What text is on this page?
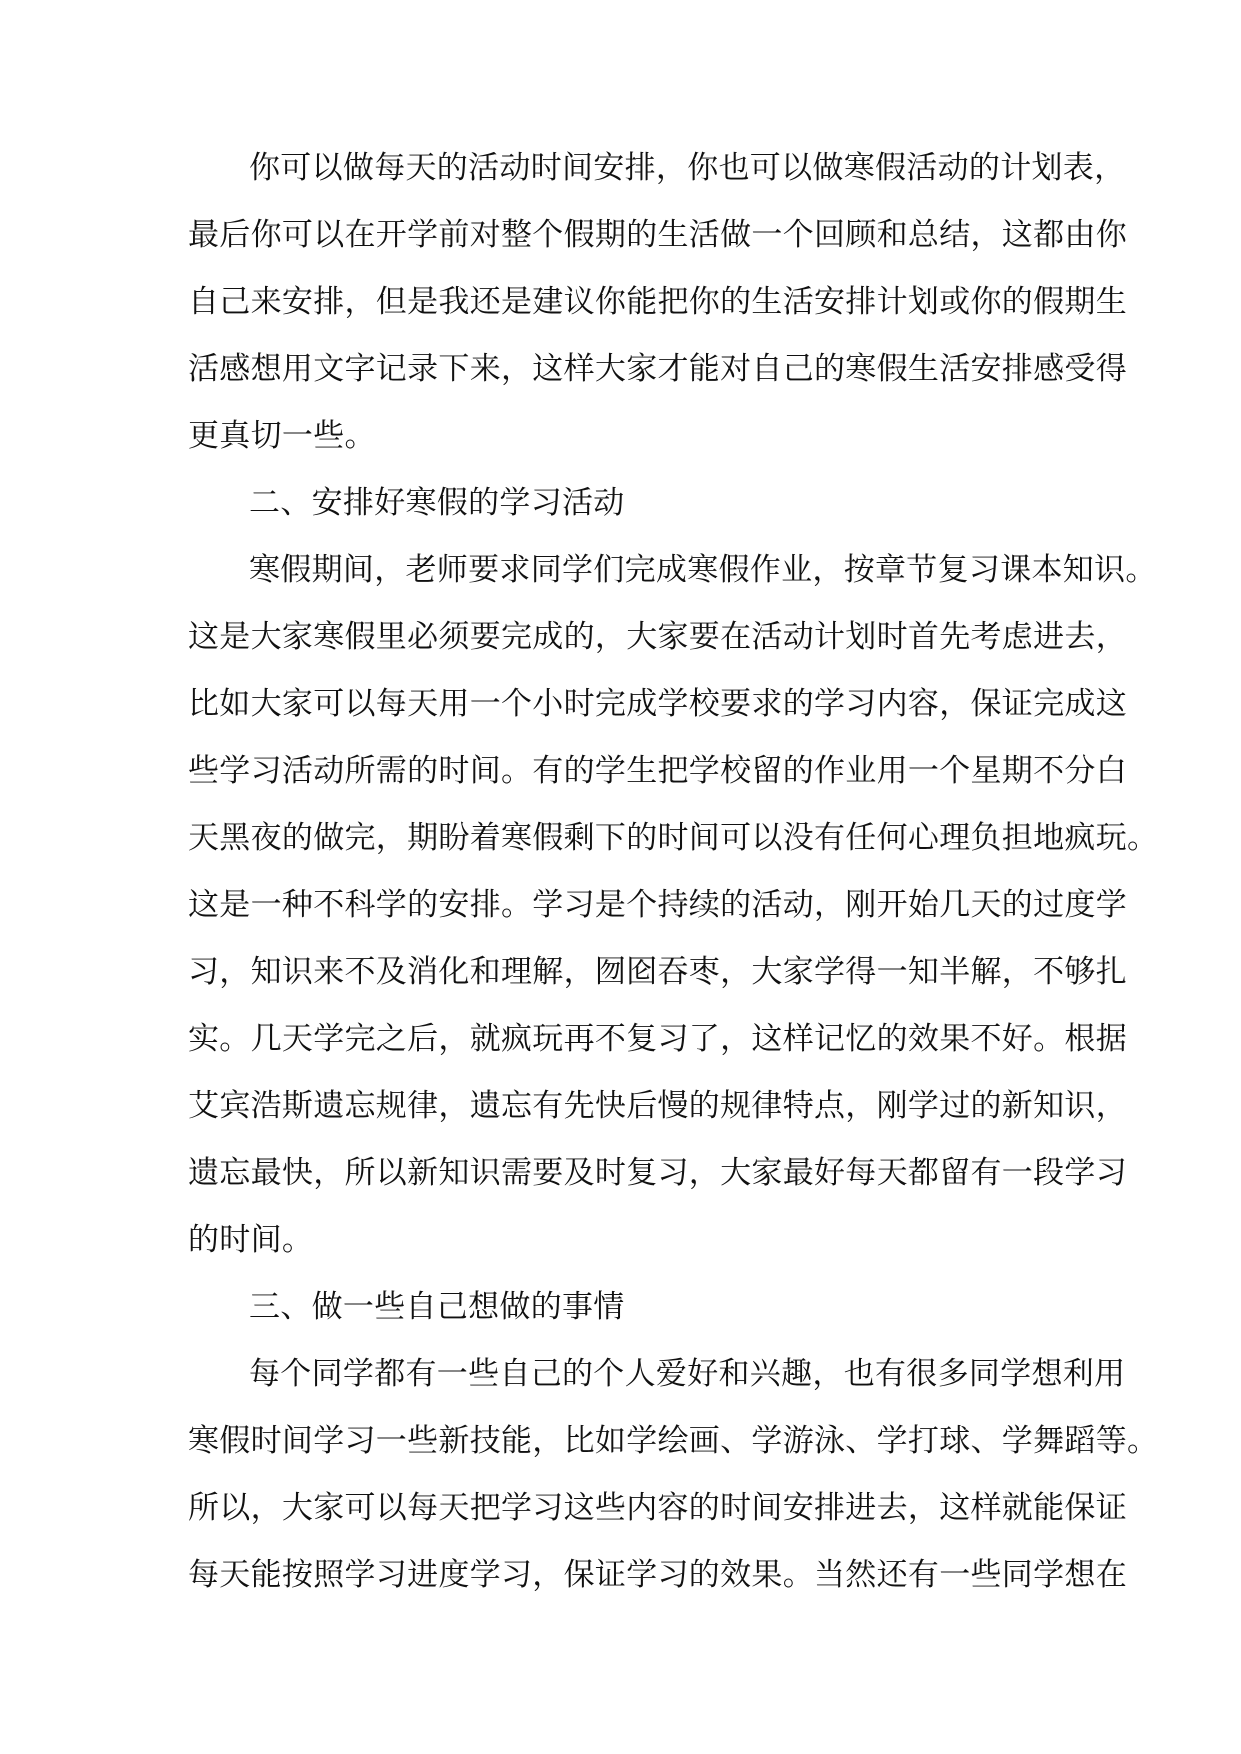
你可以做每天的活动时间安排，你也可以做寒假活动的计划表，
最后你可以在开学前对整个假期的生活做一个回顾和总结，这都由你
自己来安排，但是我还是建议你能把你的生活安排计划或你的假期生
活感想用文字记录下来，这样大家才能对自己的寒假生活安排感受得
更真切一些。
二、安排好寒假的学习活动
寒假期间，老师要求同学们完成寒假作业，按章节复习课本知识。
这是大家寒假里必须要完成的，大家要在活动计划时首先考虑进去，
比如大家可以每天用一个小时完成学校要求的学习内容，保证完成这
些学习活动所需的时间。有的学生把学校留的作业用一个星期不分白
天黑夜的做完，期盼着寒假剩下的时间可以没有任何心理负担地疯玩。
这是一种不科学的安排。学习是个持续的活动，刚开始几天的过度学
习，知识来不及消化和理解，囫囵吞枣，大家学得一知半解，不够扎
实。几天学完之后，就疯玩再不复习了，这样记忆的效果不好。根据
艾宾浩斯遗忘规律，遗忘有先快后慢的规律特点，刚学过的新知识，
遗忘最快，所以新知识需要及时复习，大家最好每天都留有一段学习
的时间。
三、做一些自己想做的事情
每个同学都有一些自己的个人爱好和兴趣，也有很多同学想利用
寒假时间学习一些新技能，比如学绘画、学游泳、学打球、学舞蹈等。
所以，大家可以每天把学习这些内容的时间安排进去，这样就能保证
每天能按照学习进度学习，保证学习的效果。当然还有一些同学想在
